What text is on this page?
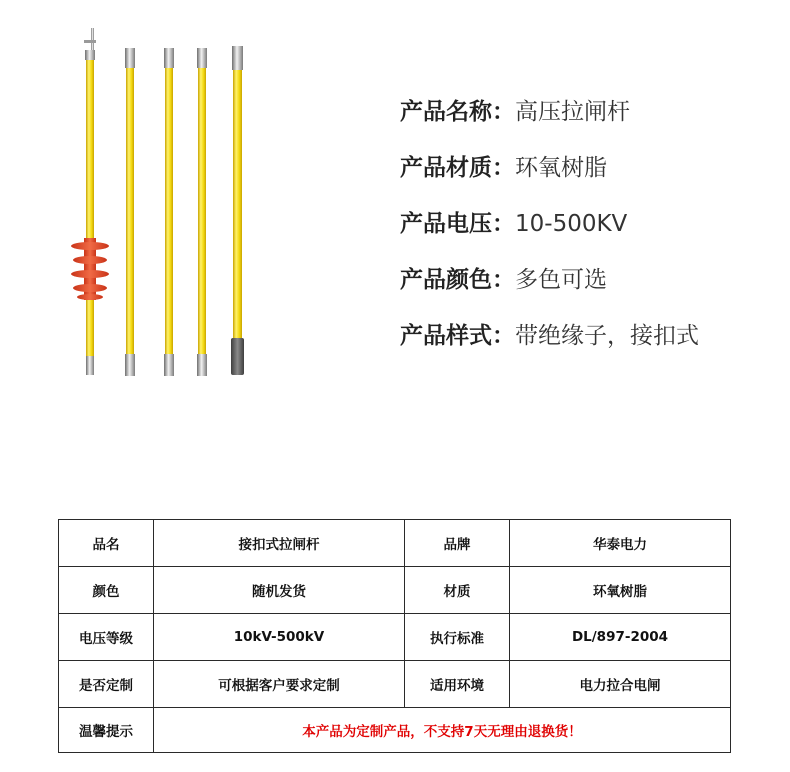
产品名称：高压拉闸杆
产品材质：环氧树脂
产品电压：10-500KV
产品颜色：多色可选
产品样式：带绝缘子，接扣式
品名	接扣式拉闸杆	品牌	华泰电力
颜色	随机发货	材质	环氧树脂
电压等级	10kV-500kV	执行标准	DL/897-2004
是否定制	可根据客户要求定制	适用环境	电力拉合电闸
温馨提示	本产品为定制产品，不支持7天无理由退换货！		
